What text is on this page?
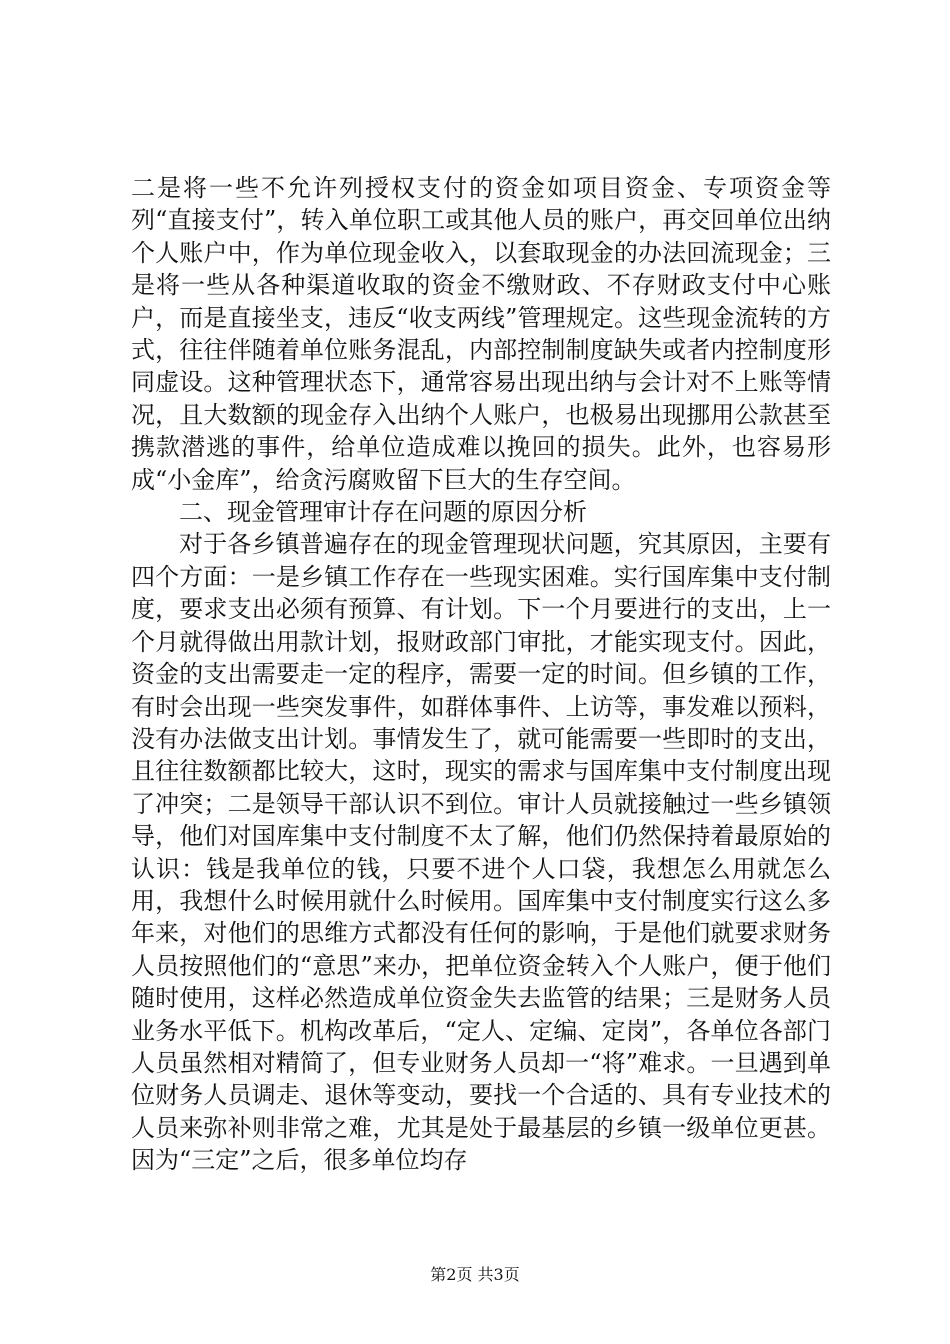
二是将一些不允许列授权支付的资金如项目资金、专项资金等列“直接支付”，转入单位职工或其他人员的账户，再交回单位出纳个人账户中，作为单位现金收入，以套取现金的办法回流现金；三是将一些从各种渠道收取的资金不缴财政、不存财政支付中心账户，而是直接坐支，违反“收支两线”管理规定。这些现金流转的方式，往往伴随着单位账务混乱，内部控制制度缺失或者内控制度形同虚设。这种管理状态下，通常容易出现出纳与会计对不上账等情况，且大数额的现金存入出纳个人账户，也极易出现挪用公款甚至携款潜逃的事件，给单位造成难以挽回的损失。此外，也容易形成“小金库”，给贪污腐败留下巨大的生存空间。

二、现金管理审计存在问题的原因分析

对于各乡镇普遍存在的现金管理现状问题，究其原因，主要有四个方面：一是乡镇工作存在一些现实困难。实行国库集中支付制度，要求支出必须有预算、有计划。下一个月要进行的支出，上一个月就得做出用款计划，报财政部门审批，才能实现支付。因此，资金的支出需要走一定的程序，需要一定的时间。但乡镇的工作，有时会出现一些突发事件，如群体事件、上访等，事发难以预料，没有办法做支出计划。事情发生了，就可能需要一些即时的支出，且往往数额都比较大，这时，现实的需求与国库集中支付制度出现了冲突；二是领导干部认识不到位。审计人员就接触过一些乡镇领导，他们对国库集中支付制度不太了解，他们仍然保持着最原始的认识：钱是我单位的钱，只要不进个人口袋，我想怎么用就怎么用，我想什么时候用就什么时候用。国库集中支付制度实行这么多年来，对他们的思维方式都没有任何的影响，于是他们就要求财务人员按照他们的“意思”来办，把单位资金转入个人账户，便于他们随时使用，这样必然造成单位资金失去监管的结果；三是财务人员业务水平低下。机构改革后，“定人、定编、定岗”，各单位各部门人员虽然相对精简了，但专业财务人员却一“将”难求。一旦遇到单位财务人员调走、退休等变动，要找一个合适的、具有专业技术的人员来弥补则非常之难，尤其是处于最基层的乡镇一级单位更甚。因为“三定”之后，很多单位均存

第2页 共3页
